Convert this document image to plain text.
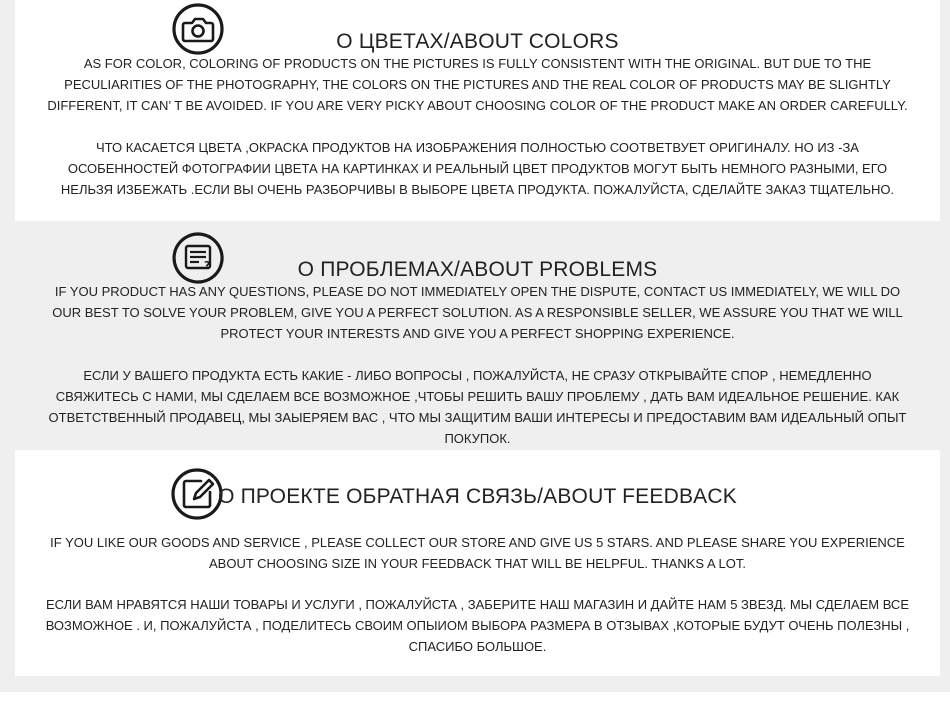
О ЦВЕТАХ/ABOUT COLORS
AS FOR COLOR, COLORING OF PRODUCTS ON THE PICTURES IS FULLY CONSISTENT WITH THE ORIGINAL. BUT DUE TO THE PECULIARITIES OF THE PHOTOGRAPHY, THE COLORS ON THE PICTURES AND THE REAL COLOR OF PRODUCTS MAY BE SLIGHTLY DIFFERENT, IT CAN’ T BE AVOIDED. IF YOU ARE VERY PICKY ABOUT CHOOSING COLOR OF THE PRODUCT MAKE AN ORDER CAREFULLY.
ЧТО КАСАЕТСЯ ЦВЕТА ,ОКРАСКА ПРОДУКТОВ НА ИЗОБРАЖЕНИЯ ПОЛНОСТЬЮ СООТВЕТВУЕТ ОРИГИНАЛУ. НО ИЗ -ЗА ОСОБЕННОСТЕЙ ФОТОГРАФИИ ЦВЕТА НА КАРТИНКАХ И РЕАЛЬНЫЙ ЦВЕТ ПРОДУКТОВ МОГУТ БЫТЬ НЕМНОГО РАЗНЫМИ, ЕГО НЕЛЬЗЯ ИЗБЕЖАТЬ .ЕСЛИ ВЫ ОЧЕНЬ РАЗБОРЧИВЫ В ВЫБОРЕ ЦВЕТА ПРОДУКТА. ПОЖАЛУЙСТА, СДЕЛАЙТЕ ЗАКАЗ ТЩАТЕЛЬНО.
?	О ПРОБЛЕМАХ/ABOUT PROBLEMS
IF YOU PRODUCT HAS ANY QUESTIONS, PLEASE DO NOT IMMEDIATELY OPEN THE DISPUTE, CONTACT US IMMEDIATELY, WE WILL DO OUR BEST TO SOLVE YOUR PROBLEM, GIVE YOU A PERFECT SOLUTION. AS A RESPONSIBLE SELLER, WE ASSURE YOU THAT WE WILL PROTECT YOUR INTERESTS AND GIVE YOU A PERFECT SHOPPING EXPERIENCE.
ЕСЛИ У ВАШЕГО ПРОДУКТА ЕСТЬ КАКИЕ - ЛИБО ВОПРОСЫ , ПОЖАЛУЙСТА, НЕ СРАЗУ ОТКРЫВАЙТЕ СПОР , НЕМЕДЛЕННО СВЯЖИТЕСЬ С НАМИ, МЫ СДЕЛАЕМ ВСЕ ВОЗМОЖНОЕ ,ЧТОБЫ РЕШИТЬ ВАШУ ПРОБЛЕМУ , ДАТЬ ВАМ ИДЕАЛЬНОЕ РЕШЕНИЕ. КАК ОТВЕТСТВЕННЫЙ ПРОДАВЕЦ, МЫ ЗАЫЕРЯЕМ ВАС , ЧТО МЫ ЗАЩИТИМ ВАШИ ИНТЕРЕСЫ И ПРЕДОСТАВИМ ВАМ ИДЕАЛЬНЫЙ ОПЫТ ПОКУПОК.
О ПРОЕКТЕ ОБРАТНАЯ СВЯЗЬ/ABOUT FEEDBACK
IF YOU LIKE OUR GOODS AND SERVICE , PLEASE COLLECT OUR STORE AND GIVE US 5 STARS. AND PLEASE SHARE YOU EXPERIENCE ABOUT CHOOSING SIZE IN YOUR FEEDBACK THAT WILL BE HELPFUL. THANKS A LOT.
ЕСЛИ ВАМ НРАВЯТСЯ НАШИ ТОВАРЫ И УСЛУГИ , ПОЖАЛУЙСТА , ЗАБЕРИТЕ НАШ МАГАЗИН И ДАЙТЕ НАМ 5 ЗВЕЗД. МЫ СДЕЛАЕМ ВСЕ ВОЗМОЖНОЕ . И, ПОЖАЛУЙСТА , ПОДЕЛИТЕСЬ СВОИМ ОПЫИОМ ВЫБОРА РАЗМЕРА В ОТЗЫВАХ ,КОТОРЫЕ БУДУТ ОЧЕНЬ ПОЛЕЗНЫ , СПАСИБО БОЛЬШОЕ.
